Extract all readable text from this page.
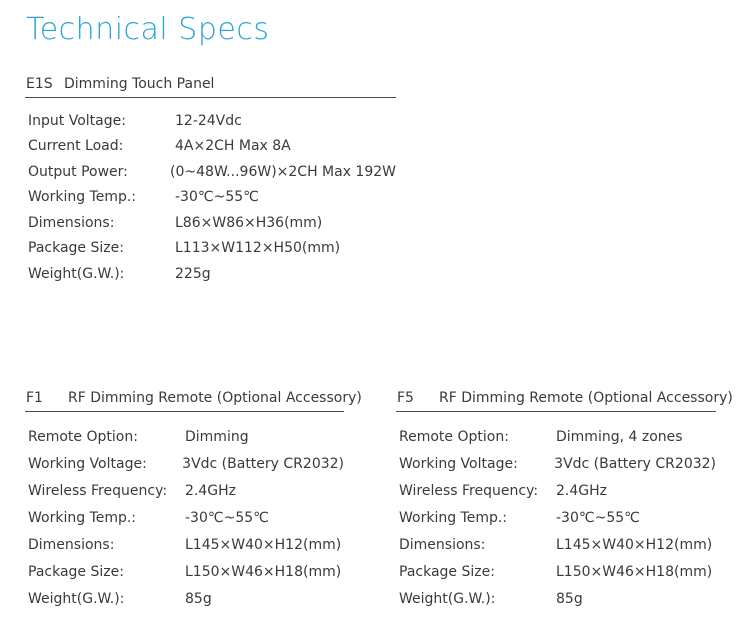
Technical Specs
E1S Dimming Touch Panel
Input Voltage:	12-24Vdc
Current Load:	4A×2CH Max 8A
Output Power:	(0~48W...96W)×2CH Max 192W
Working Temp.:	-30℃~55℃
Dimensions:	L86×W86×H36(mm)
Package Size:	L113×W112×H50(mm)
Weight(G.W.):	225g
F1 RF Dimming Remote (Optional Accessory)
Remote Option:	Dimming
Working Voltage:	3Vdc (Battery CR2032)
Wireless Frequency:	2.4GHz
Working Temp.:	-30℃~55℃
Dimensions:	L145×W40×H12(mm)
Package Size:	L150×W46×H18(mm)
Weight(G.W.):	85g
F5 RF Dimming Remote (Optional Accessory)
Remote Option:	Dimming, 4 zones
Working Voltage:	3Vdc (Battery CR2032)
Wireless Frequency:	2.4GHz
Working Temp.:	-30℃~55℃
Dimensions:	L145×W40×H12(mm)
Package Size:	L150×W46×H18(mm)
Weight(G.W.):	85g
